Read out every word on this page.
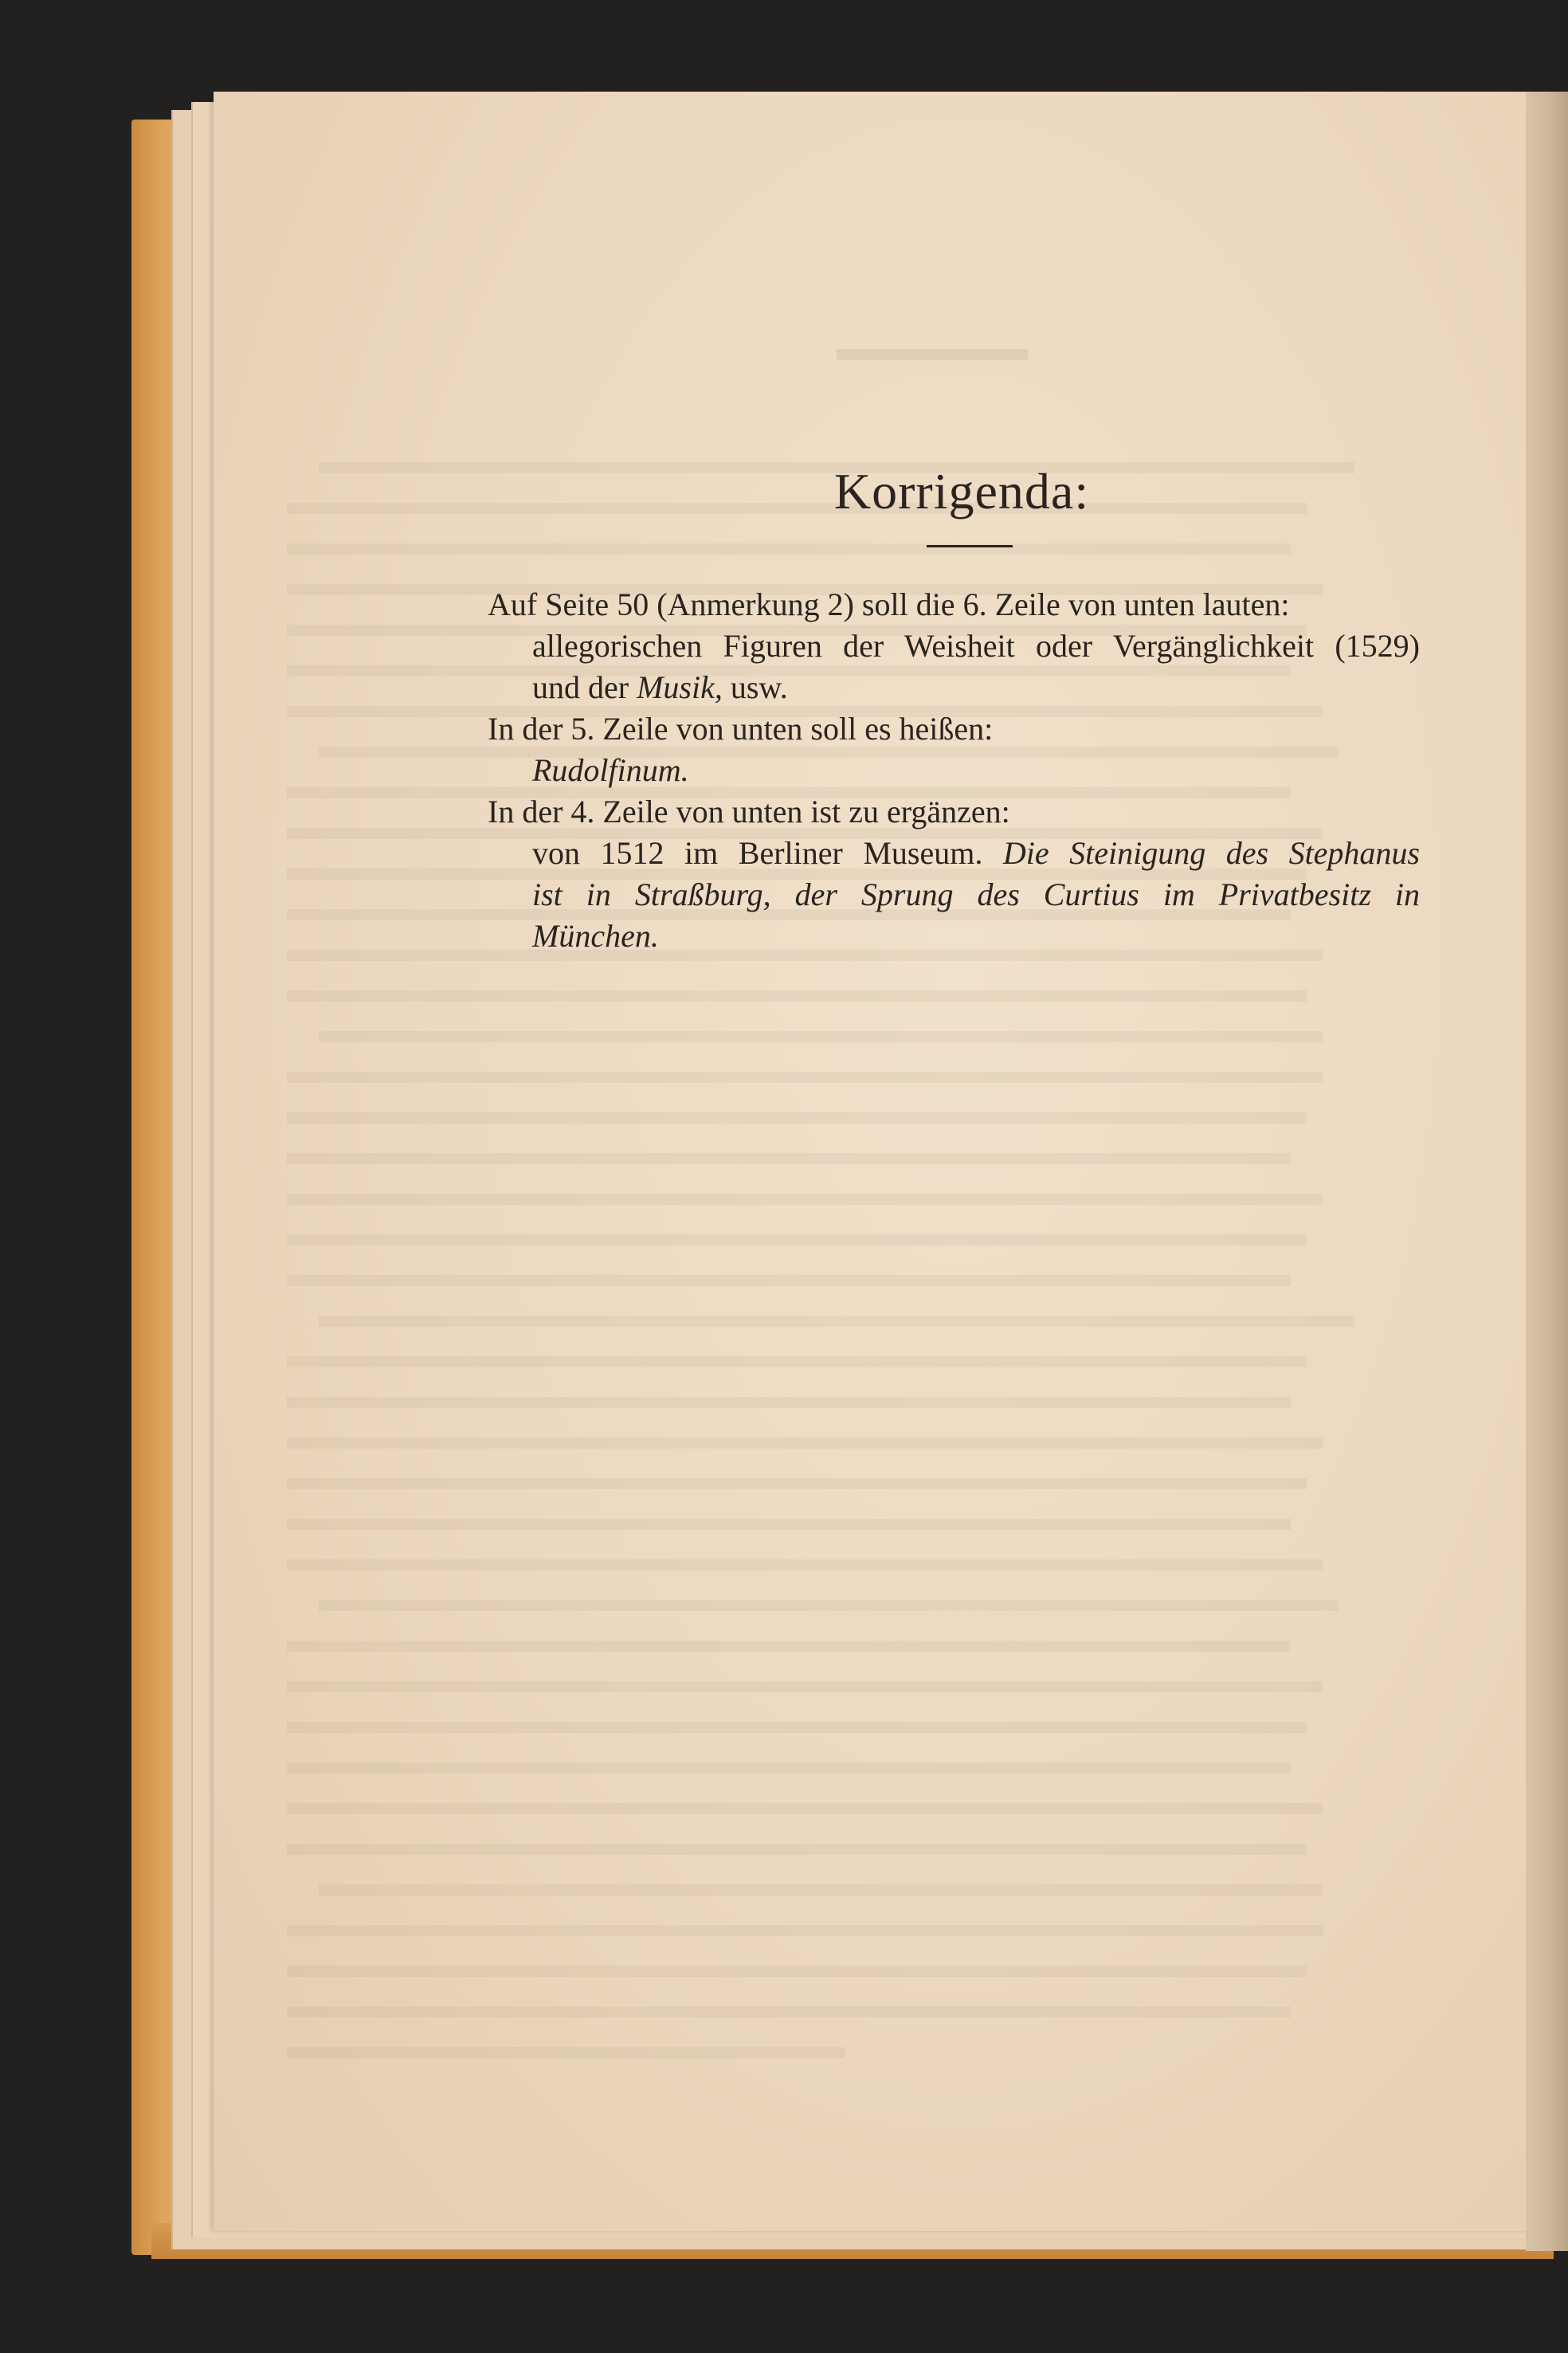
Korrigenda:
Auf Seite 50 (Anmerkung 2) soll die 6. Zeile von unten lauten:
allegorischen Figuren der Weisheit oder Vergänglichkeit (1529)
und der Musik, usw.
In der 5. Zeile von unten soll es heißen:
Rudolfinum.
In der 4. Zeile von unten ist zu ergänzen:
von 1512 im Berliner Museum. Die Steinigung des Stephanus
ist in Straßburg, der Sprung des Curtius im Privatbesitz in
München.
